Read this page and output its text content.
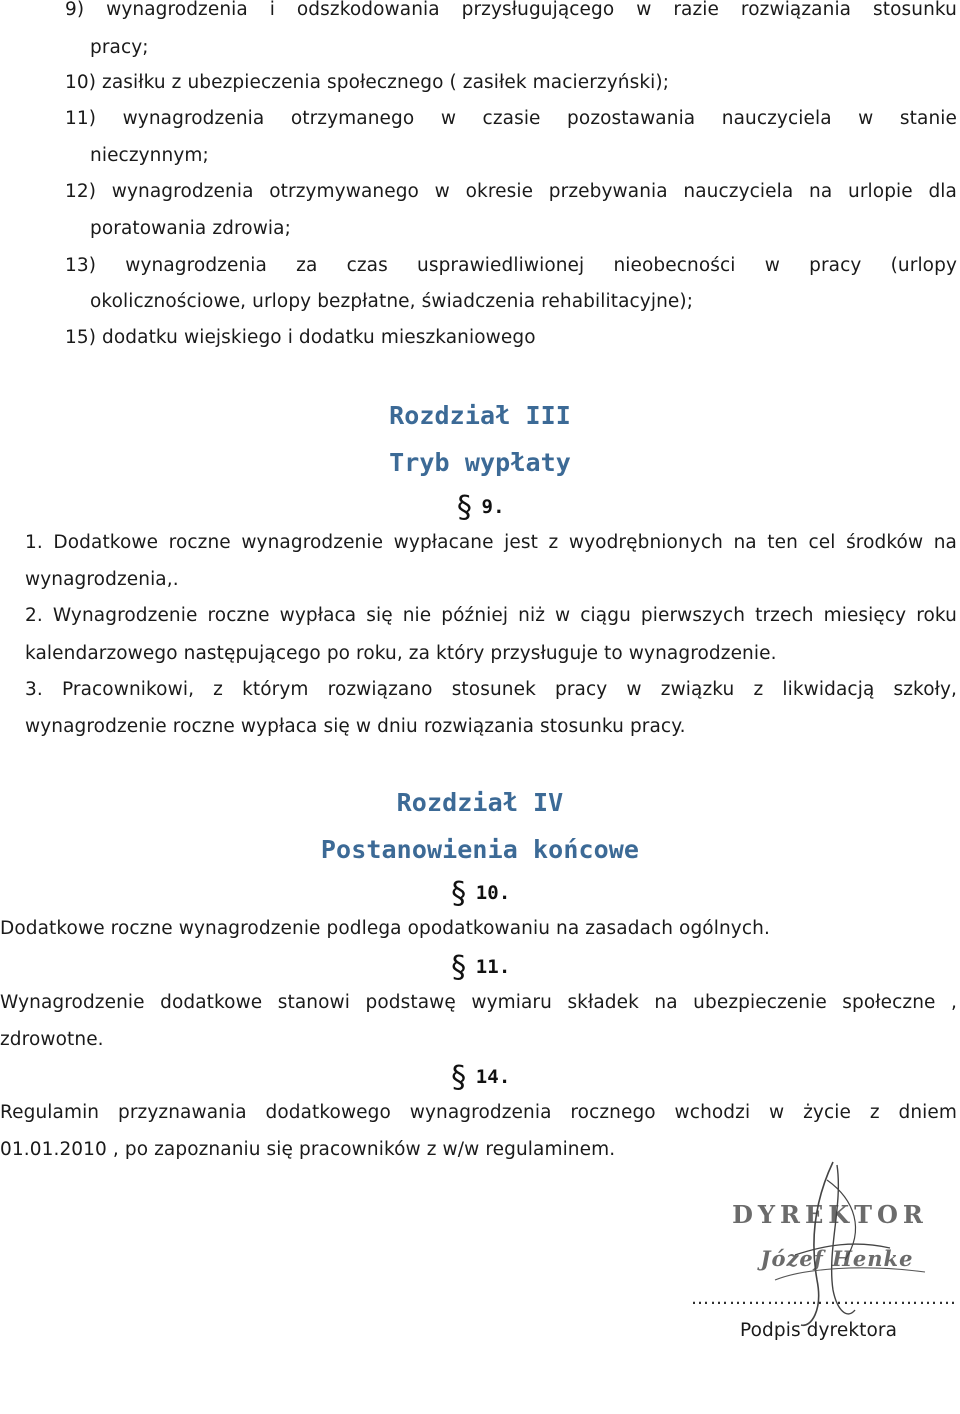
9) wynagrodzenia i odszkodowania przysługującego w razie rozwiązania stosunku
pracy;
10) zasiłku z ubezpieczenia społecznego ( zasiłek macierzyński);
11) wynagrodzenia otrzymanego w czasie pozostawania nauczyciela w stanie
nieczynnym;
12) wynagrodzenia otrzymywanego w okresie przebywania nauczyciela na urlopie dla
poratowania zdrowia;
13) wynagrodzenia za czas usprawiedliwionej nieobecności w pracy (urlopy
okolicznościowe, urlopy bezpłatne, świadczenia rehabilitacyjne);
15) dodatku wiejskiego i dodatku mieszkaniowego
Rozdział III
Tryb wypłaty
§ 9.
1. Dodatkowe roczne wynagrodzenie wypłacane jest z wyodrębnionych na ten cel środków na
wynagrodzenia,.
2. Wynagrodzenie roczne wypłaca się nie później niż w ciągu pierwszych trzech miesięcy roku
kalendarzowego następującego po roku, za który przysługuje to wynagrodzenie.
3. Pracownikowi, z którym rozwiązano stosunek pracy w związku z likwidacją szkoły,
wynagrodzenie roczne wypłaca się w dniu rozwiązania stosunku pracy.
Rozdział IV
Postanowienia końcowe
§ 10.
Dodatkowe roczne wynagrodzenie podlega opodatkowaniu na zasadach ogólnych.
§ 11.
Wynagrodzenie dodatkowe stanowi podstawę wymiaru składek na ubezpieczenie społeczne ,
zdrowotne.
§ 14.
Regulamin przyznawania dodatkowego wynagrodzenia rocznego wchodzi w życie z dniem
01.01.2010 , po zapoznaniu się pracowników z w/w regulaminem.
DYREKTOR
Józef Henke
……………………………………
Podpis dyrektora
